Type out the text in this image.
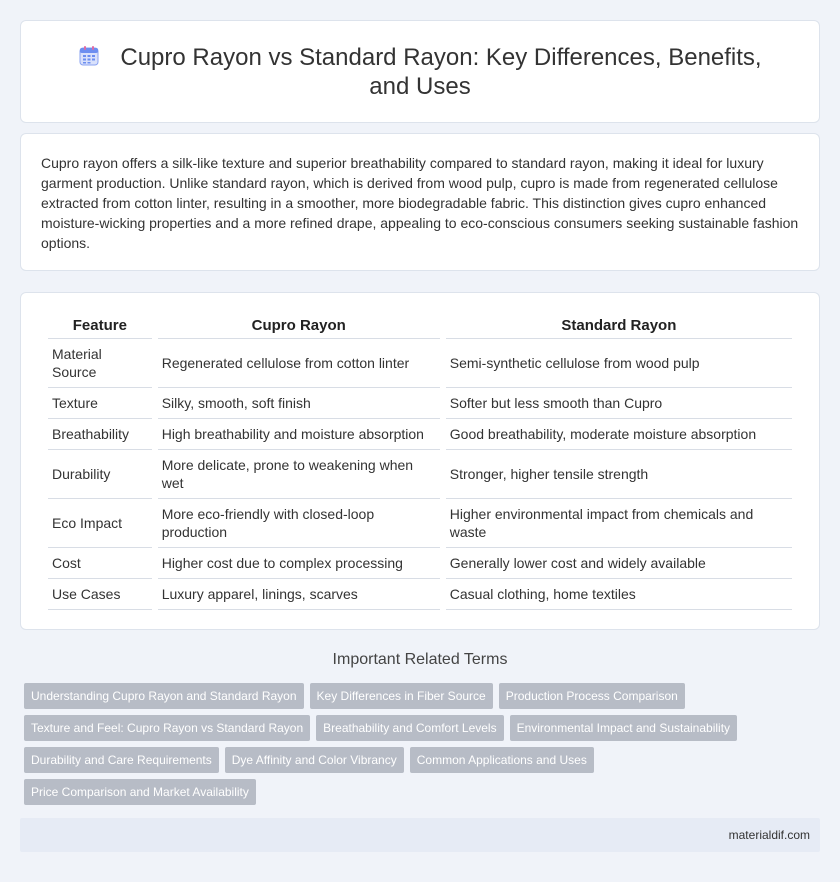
Cupro Rayon vs Standard Rayon: Key Differences, Benefits, and Uses

Cupro rayon offers a silk-like texture and superior breathability compared to standard rayon, making it ideal for luxury garment production. Unlike standard rayon, which is derived from wood pulp, cupro is made from regenerated cellulose extracted from cotton linter, resulting in a smoother, more biodegradable fabric. This distinction gives cupro enhanced moisture-wicking properties and a more refined drape, appealing to eco-conscious consumers seeking sustainable fashion options.

Feature	Cupro Rayon	Standard Rayon
Material Source	Regenerated cellulose from cotton linter	Semi-synthetic cellulose from wood pulp
Texture	Silky, smooth, soft finish	Softer but less smooth than Cupro
Breathability	High breathability and moisture absorption	Good breathability, moderate moisture absorption
Durability	More delicate, prone to weakening when wet	Stronger, higher tensile strength
Eco Impact	More eco-friendly with closed-loop production	Higher environmental impact from chemicals and waste
Cost	Higher cost due to complex processing	Generally lower cost and widely available
Use Cases	Luxury apparel, linings, scarves	Casual clothing, home textiles
Important Related Terms
Understanding Cupro Rayon and Standard Rayon Key Differences in Fiber Source Production Process Comparison
Texture and Feel: Cupro Rayon vs Standard Rayon Breathability and Comfort Levels Environmental Impact and Sustainability
Durability and Care Requirements Dye Affinity and Color Vibrancy Common Applications and Uses
Price Comparison and Market Availability
materialdif.com
